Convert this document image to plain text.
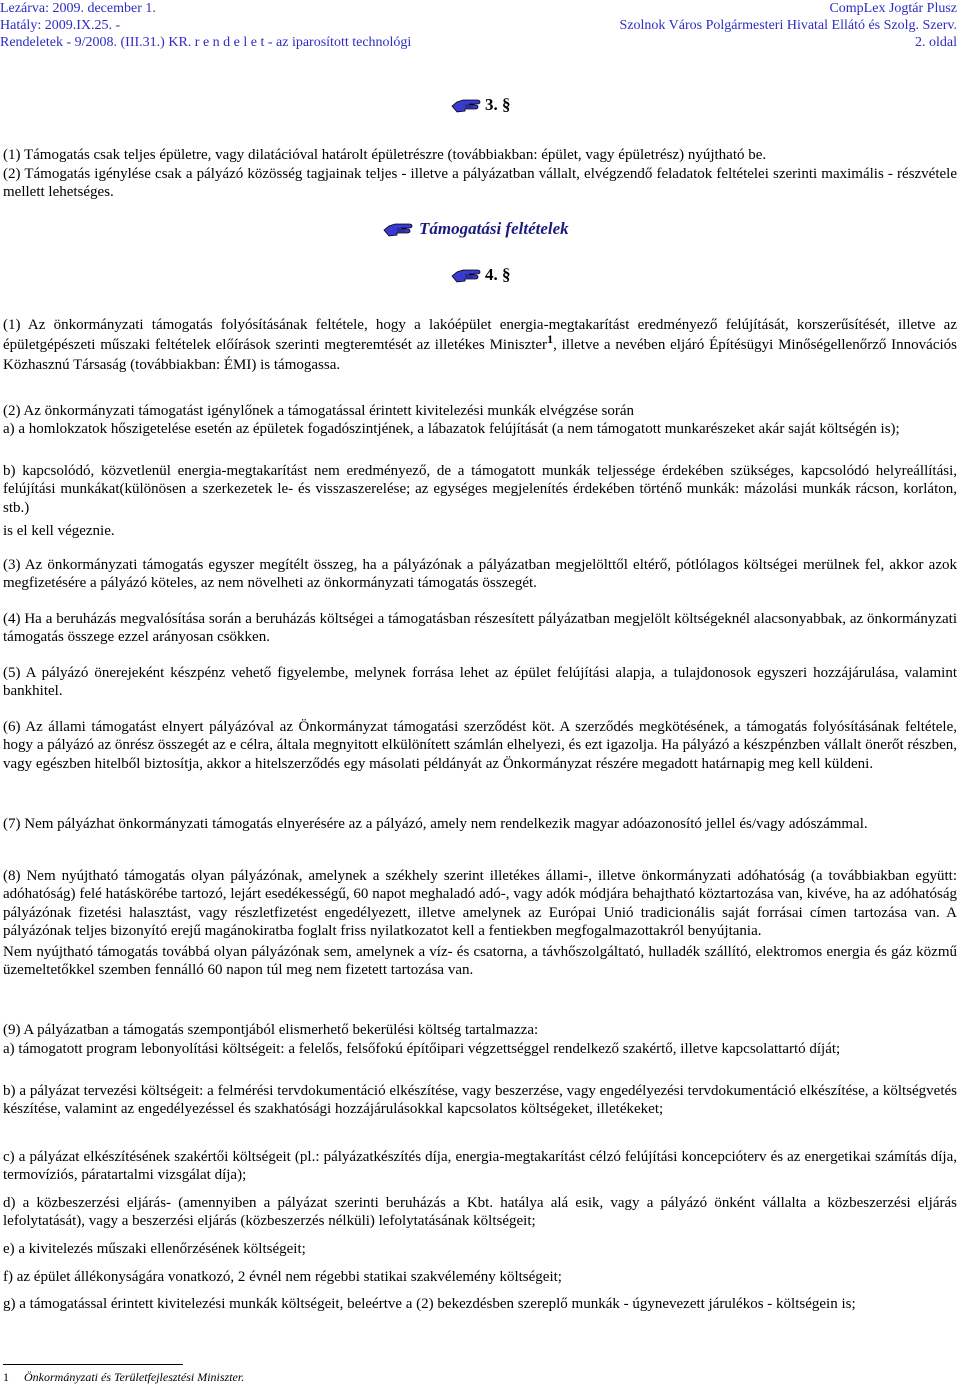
Lezárva: 2009. december 1.
Hatály: 2009.IX.25. -
Rendeletek - 9/2008. (III.31.) KR. r e n d e l e t - az iparosított technológi
CompLex Jogtár Plusz
Szolnok Város Polgármesteri Hivatal Ellátó és Szolg. Szerv.
2. oldal
3. §
(1) Támogatás csak teljes épületre, vagy dilatációval határolt épületrészre (továbbiakban: épület, vagy épületrész) nyújtható be.
(2) Támogatás igénylése csak a pályázó közösség tagjainak teljes - illetve a pályázatban vállalt, elvégzendő feladatok feltételei szerinti maximális - részvétele mellett lehetséges.
Támogatási feltételek
4. §
(1) Az önkormányzati támogatás folyósításának feltétele, hogy a lakóépület energia-megtakarítást eredményező felújítását, korszerűsítését, illetve az épületgépészeti műszaki feltételek előírások szerinti megteremtését az illetékes Miniszter$^1$, illetve a nevében eljáró Építésügyi Minőségellenőrző Innovációs Közhasznú Társaság (továbbiakban: ÉMI) is támogassa.
(2) Az önkormányzati támogatást igénylőnek a támogatással érintett kivitelezési munkák elvégzése során
a) a homlokzatok hőszigetelése esetén az épületek fogadószintjének, a lábazatok felújítását (a nem támogatott munkarészeket akár saját költségén is);
b) kapcsolódó, közvetlenül energia-megtakarítást nem eredményező, de a támogatott munkák teljessége érdekében szükséges, kapcsolódó helyreállítási, felújítási munkákat(különösen a szerkezetek le- és visszaszerelése; az egységes megjelenítés érdekében történő munkák: mázolási munkák rácson, korláton, stb.)
is el kell végeznie.
(3) Az önkormányzati támogatás egyszer megítélt összeg, ha a pályázónak a pályázatban megjelölttől eltérő, pótlólagos költségei merülnek fel, akkor azok megfizetésére a pályázó köteles, az nem növelheti az önkormányzati támogatás összegét.
(4) Ha a beruházás megvalósítása során a beruházás költségei a támogatásban részesített pályázatban megjelölt költségeknél alacsonyabbak, az önkormányzati támogatás összege ezzel arányosan csökken.
(5) A pályázó önerejeként készpénz vehető figyelembe, melynek forrása lehet az épület felújítási alapja, a tulajdonosok egyszeri hozzájárulása, valamint bankhitel.
(6) Az állami támogatást elnyert pályázóval az Önkormányzat támogatási szerződést köt. A szerződés megkötésének, a támogatás folyósításának feltétele, hogy a pályázó az önrész összegét az e célra, általa megnyitott elkülönített számlán elhelyezi, és ezt igazolja. Ha pályázó a készpénzben vállalt önerőt részben, vagy egészben hitelből biztosítja, akkor a hitelszerződés egy másolati példányát az Önkormányzat részére megadott határnapig meg kell küldeni.
(7) Nem pályázhat önkormányzati támogatás elnyerésére az a pályázó, amely nem rendelkezik magyar adóazonosító jellel és/vagy adószámmal.
(8) Nem nyújtható támogatás olyan pályázónak, amelynek a székhely szerint illetékes állami-, illetve önkormányzati adóhatóság (a továbbiakban együtt: adóhatóság) felé hatáskörébe tartozó, lejárt esedékességű, 60 napot meghaladó adó-, vagy adók módjára behajtható köztartozása van, kivéve, ha az adóhatóság pályázónak fizetési halasztást, vagy részletfizetést engedélyezett, illetve amelynek az Európai Unió tradicionális saját forrásai címen tartozása van. A pályázónak teljes bizonyító erejű magánokiratba foglalt friss nyilatkozatot kell a fentiekben megfogalmazottakról benyújtania.
Nem nyújtható támogatás továbbá olyan pályázónak sem, amelynek a víz- és csatorna, a távhőszolgáltató, hulladék szállító, elektromos energia és gáz közmű üzemeltetőkkel szemben fennálló 60 napon túl meg nem fizetett tartozása van.
(9) A pályázatban a támogatás szempontjából elismerhető bekerülési költség tartalmazza:
a) támogatott program lebonyolítási költségeit: a felelős, felsőfokú építőipari végzettséggel rendelkező szakértő, illetve kapcsolattartó díját;
b) a pályázat tervezési költségeit: a felmérési tervdokumentáció elkészítése, vagy beszerzése, vagy engedélyezési tervdokumentáció elkészítése, a költségvetés készítése, valamint az engedélyezéssel és szakhatósági hozzájárulásokkal kapcsolatos költségeket, illetékeket;
c) a pályázat elkészítésének szakértői költségeit (pl.: pályázatkészítés díja, energia-megtakarítást célzó felújítási koncepcióterv és az energetikai számítás díja, termovíziós, páratartalmi vizsgálat díja);
d) a közbeszerzési eljárás- (amennyiben a pályázat szerinti beruházás a Kbt. hatálya alá esik, vagy a pályázó önként vállalta a közbeszerzési eljárás lefolytatását), vagy a beszerzési eljárás (közbeszerzés nélküli) lefolytatásának költségeit;
e) a kivitelezés műszaki ellenőrzésének költségeit;
f) az épület állékonyságára vonatkozó, 2 évnél nem régebbi statikai szakvélemény költségeit;
g) a támogatással érintett kivitelezési munkák költségeit, beleértve a (2) bekezdésben szereplő munkák - úgynevezett járulékos - költségein is;
1 Önkormányzati és Területfejlesztési Miniszter.
